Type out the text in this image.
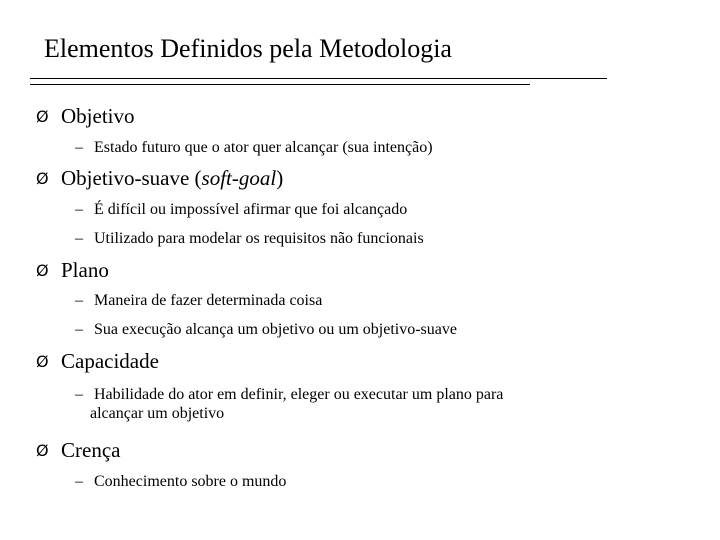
Elementos Definidos pela Metodologia
Ø Objetivo
– Estado futuro que o ator quer alcançar (sua intenção)
Ø Objetivo-suave (soft-goal)
– É difícil ou impossível afirmar que foi alcançado
– Utilizado para modelar os requisitos não funcionais
Ø Plano
– Maneira de fazer determinada coisa
– Sua execução alcança um objetivo ou um objetivo-suave
Ø Capacidade
– Habilidade do ator em definir, eleger ou executar um plano para
alcançar um objetivo
Ø Crença
– Conhecimento sobre o mundo
